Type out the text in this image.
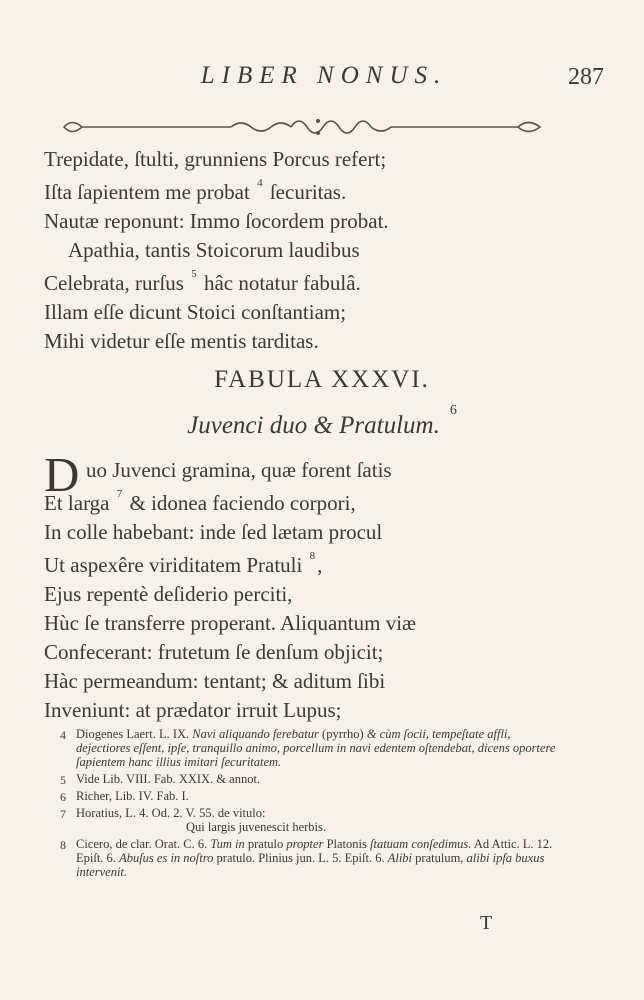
LIBER NONUS.	287
Trepidate, ſtulti, grunniens Porcus refert;
Iſta ſapientem me probat $^4$ ſecuritas.
Nautæ reponunt: Immo ſocordem probat.
Apathia, tantis Stoicorum laudibus
Celebrata, rurſus $^5$ hâc notatur fabulâ.
Illam eſſe dicunt Stoici conſtantiam;
Mihi videtur eſſe mentis tarditas.
FABULA XXXVI.
Juvenci duo & Pratulum.$^6$
D uo Juvenci gramina, quæ forent ſatis
Et larga $^7$ & idonea faciendo corpori,
In colle habebant: inde ſed lætam procul
Ut aspexêre viriditatem Pratuli $^8$,
Ejus repentè deſiderio perciti,
Hùc ſe transferre properant. Aliquantum viæ
Confecerant: frutetum ſe denſum objicit;
Hàc permeandum: tentant; & aditum ſibi
Inveniunt: at prædator irruit Lupus;
4 Diogenes Laert. L. IX. Navi aliquando ferebatur (pyrrho) & cùm ſocii, tempeſtate affli, dejectiores eſſent, ipſe, tranquillo animo, porcellum in navi edentem oſtendebat, dicens oportere ſapientem hanc illius imitari ſecuritatem.
5 Vide Lib. VIII. Fab. XXIX. & annot.
6 Richer, Lib. IV. Fab. I.
7 Horatius, L. 4. Od. 2. V. 55. de vitulo:
Qui largis juvenescit herbis.
8 Cicero, de clar. Orat. C. 6. Tum in pratulo propter Platonis ſtatuam conſedimus. Ad Attic. L. 12. Epiſt. 6. Abuſus es in noſtro pratulo. Plinius jun. L. 5. Epiſt. 6. Alibi pratulum, alibi ipſa buxus intervenit.
T
